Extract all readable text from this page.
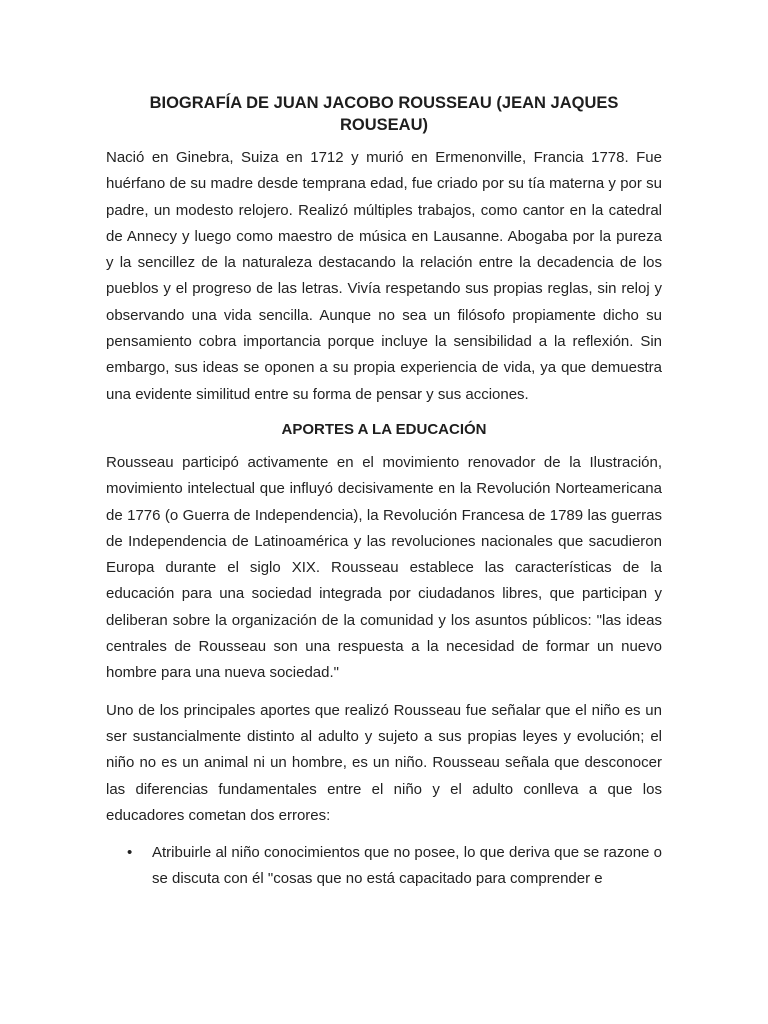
BIOGRAFÍA DE JUAN JACOBO ROUSSEAU (JEAN JAQUES ROUSEAU)

Nació en Ginebra, Suiza en 1712 y murió en Ermenonville, Francia 1778. Fue huérfano de su madre desde temprana edad, fue criado por su tía materna y por su padre, un modesto relojero. Realizó múltiples trabajos, como cantor en la catedral de Annecy y luego como maestro de música en Lausanne. Abogaba por la pureza y la sencillez de la naturaleza destacando la relación entre la decadencia de los pueblos y el progreso de las letras. Vivía respetando sus propias reglas, sin reloj y observando una vida sencilla. Aunque no sea un filósofo propiamente dicho su pensamiento cobra importancia porque incluye la sensibilidad a la reflexión. Sin embargo, sus ideas se oponen a su propia experiencia de vida, ya que demuestra una evidente similitud entre su forma de pensar y sus acciones.

APORTES A LA EDUCACIÓN

Rousseau participó activamente en el movimiento renovador de la Ilustración, movimiento intelectual que influyó decisivamente en la Revolución Norteamericana de 1776 (o Guerra de Independencia), la Revolución Francesa de 1789 las guerras de Independencia de Latinoamérica y las revoluciones nacionales que sacudieron Europa durante el siglo XIX. Rousseau establece las características de la educación para una sociedad integrada por ciudadanos libres, que participan y deliberan sobre la organización de la comunidad y los asuntos públicos: "las ideas centrales de Rousseau son una respuesta a la necesidad de formar un nuevo hombre para una nueva sociedad."

Uno de los principales aportes que realizó Rousseau fue señalar que el niño es un ser sustancialmente distinto al adulto y sujeto a sus propias leyes y evolución; el niño no es un animal ni un hombre, es un niño. Rousseau señala que desconocer las diferencias fundamentales entre el niño y el adulto conlleva a que los educadores cometan dos errores:

• Atribuirle al niño conocimientos que no posee, lo que deriva que se razone o se discuta con él "cosas que no está capacitado para comprender e
